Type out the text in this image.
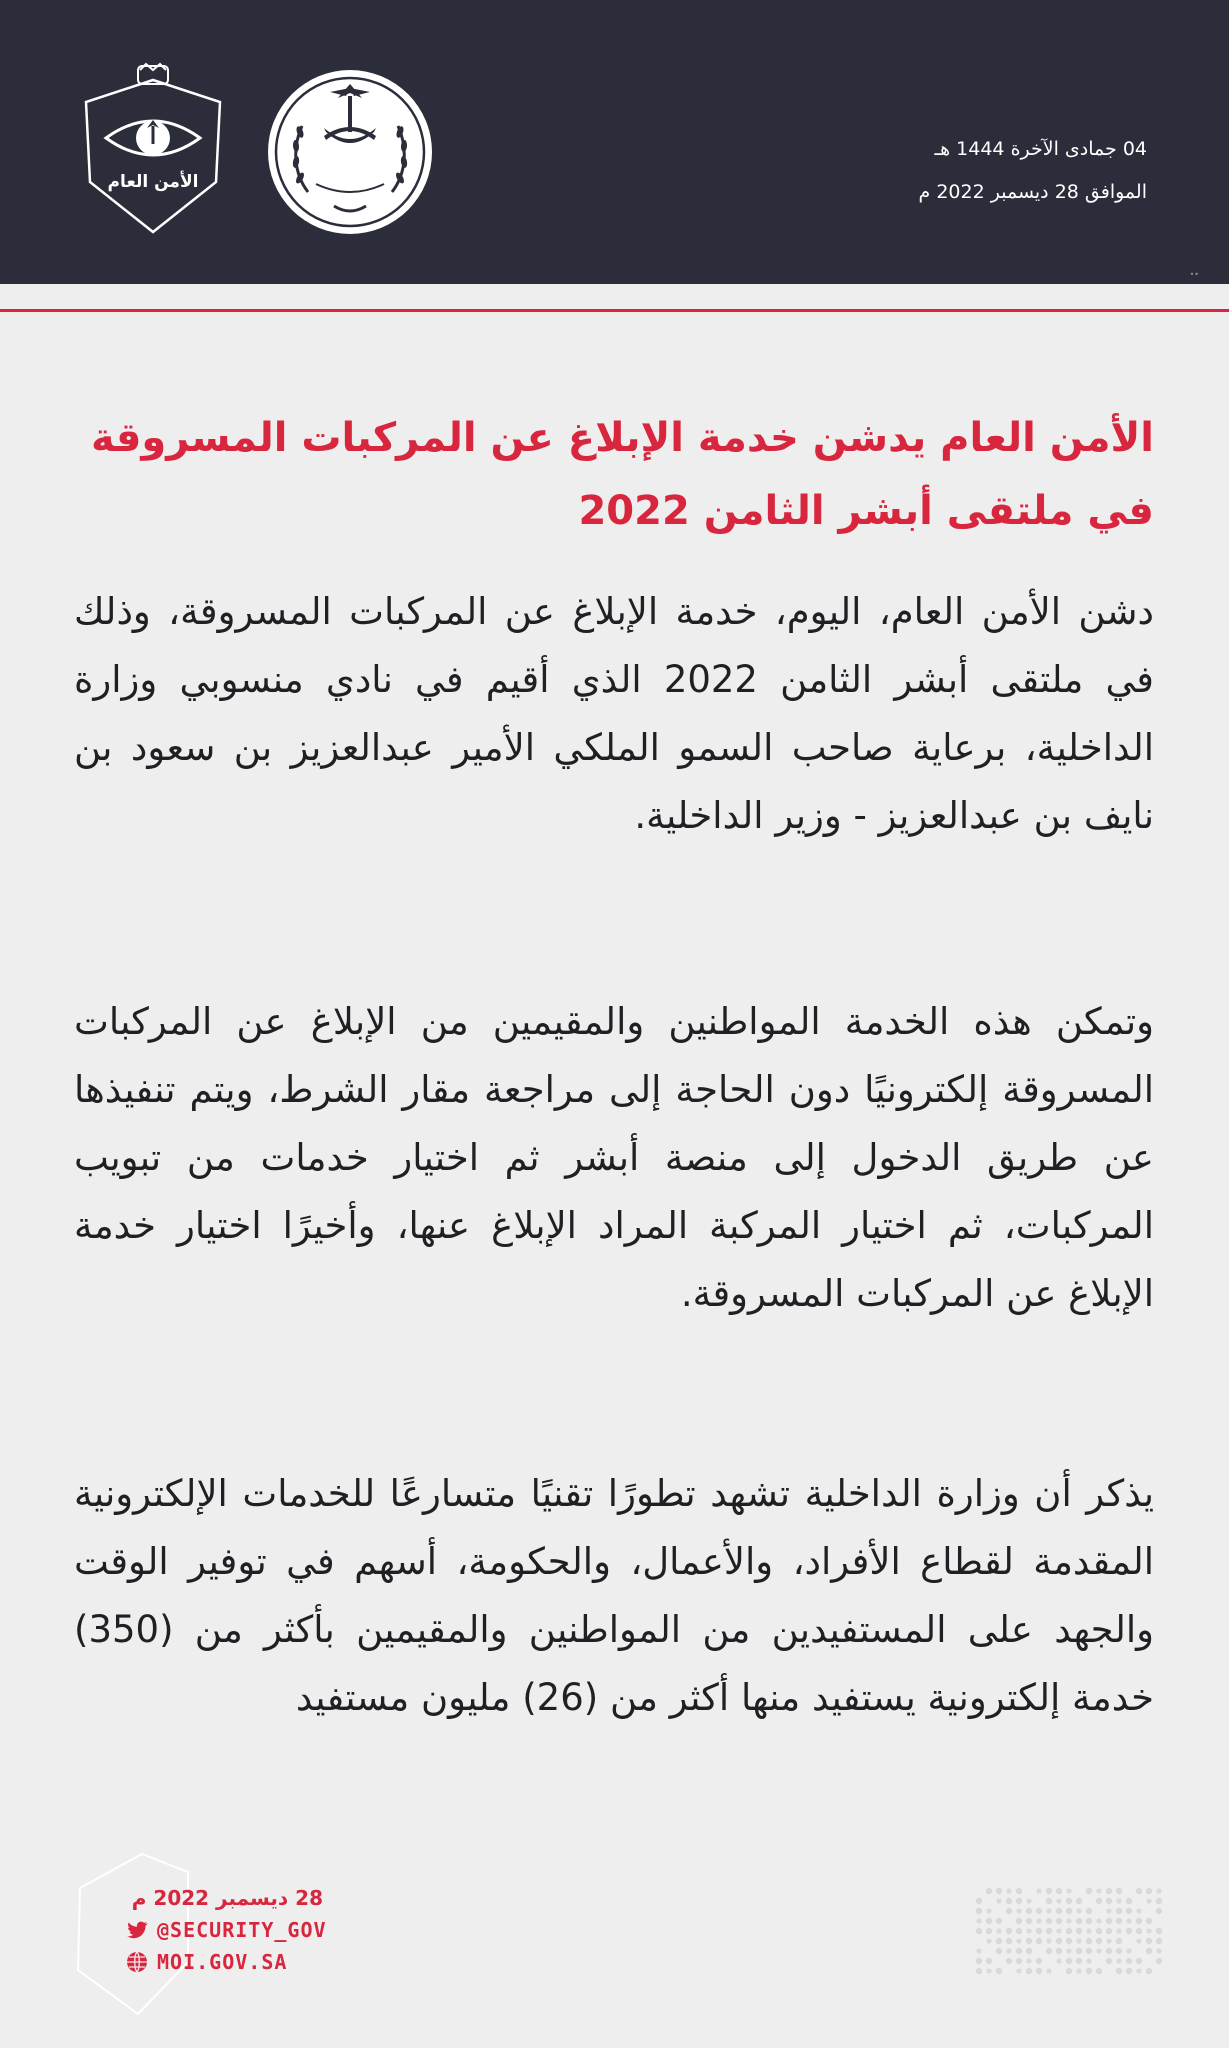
04 جمادى الآخرة 1444 هـ
الموافق 28 ديسمبر 2022 م
الأمن العام
••
الأمن العام يدشن خدمة الإبلاغ عن المركبات المسروقة في ملتقى أبشر الثامن 2022
دشن الأمن العام، اليوم، خدمة الإبلاغ عن المركبات المسروقة، وذلك في ملتقى أبشر الثامن 2022 الذي أقيم في نادي منسوبي وزارة الداخلية، برعاية صاحب السمو الملكي الأمير عبدالعزيز بن سعود بن نايف بن عبدالعزيز - وزير الداخلية.
وتمكن هذه الخدمة المواطنين والمقيمين من الإبلاغ عن المركبات المسروقة إلكترونيًا دون الحاجة إلى مراجعة مقار الشرط، ويتم تنفيذها عن طريق الدخول إلى منصة أبشر ثم اختيار خدمات من تبويب المركبات، ثم اختيار المركبة المراد الإبلاغ عنها، وأخيرًا اختيار خدمة الإبلاغ عن المركبات المسروقة.
يذكر أن وزارة الداخلية تشهد تطورًا تقنيًا متسارعًا للخدمات الإلكترونية المقدمة لقطاع الأفراد، والأعمال، والحكومة، أسهم في توفير الوقت والجهد على المستفيدين من المواطنين والمقيمين بأكثر من (350) خدمة إلكترونية يستفيد منها أكثر من (26) مليون مستفيد
28 ديسمبر 2022 م
@SECURITY_GOV
MOI.GOV.SA
